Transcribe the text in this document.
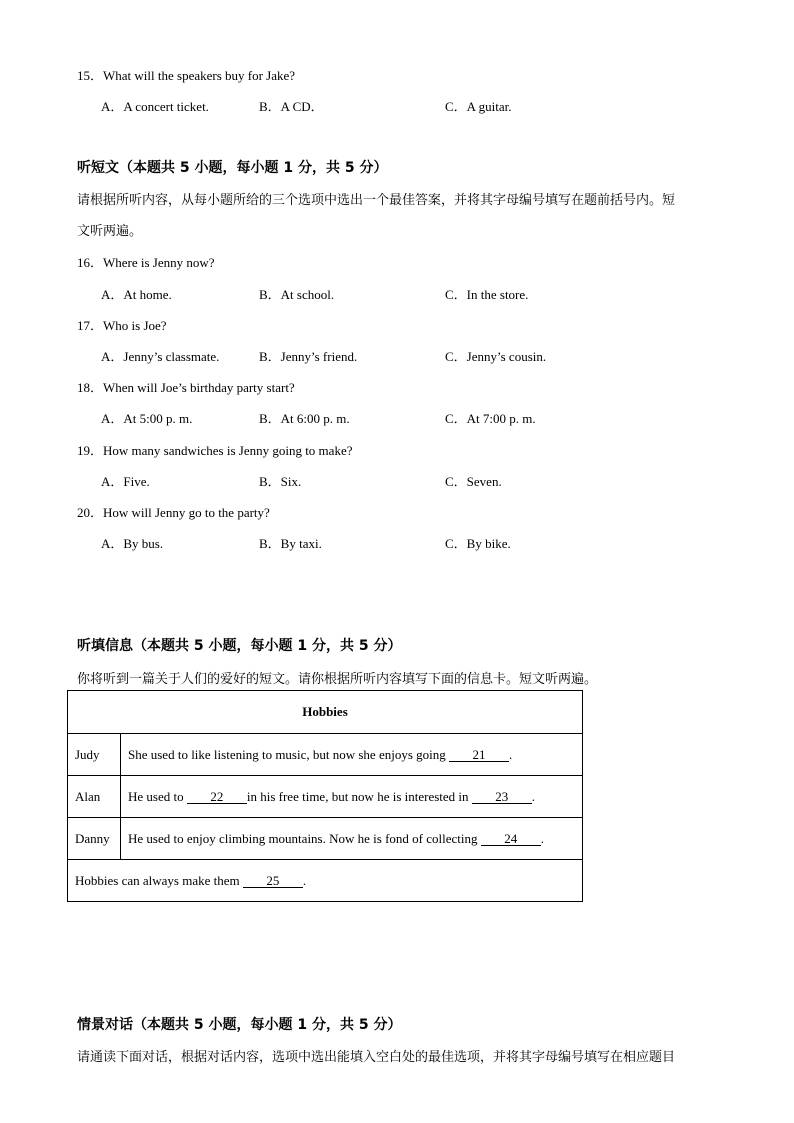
15．What will the speakers buy for Jake?
A．A concert ticket.	B．A CD．	C．A guitar.
听短文（本题共 5 小题，每小题 1 分，共 5 分）
请根据所听内容，从每小题所给的三个选项中选出一个最佳答案，并将其字母编号填写在题前括号内。短
文听两遍。
16．Where is Jenny now?
A．At home.	B．At school.	C．In the store.
17．Who is Joe?
A．Jenny’s classmate.	B．Jenny’s friend.	C．Jenny’s cousin.
18．When will Joe’s birthday party start?
A．At 5:00 p. m.	B．At 6:00 p. m.	C．At 7:00 p. m.
19．How many sandwiches is Jenny going to make?
A．Five.	B．Six.	C．Seven.
20．How will Jenny go to the party?
A．By bus.	B．By taxi.	C．By bike.
听填信息（本题共 5 小题，每小题 1 分，共 5 分）
你将听到一篇关于人们的爱好的短文。请你根据所听内容填写下面的信息卡。短文听两遍。
Hobbies	
Judy	She used to like listening to music, but now she enjoys going 21 .
Alan	He used to 22 in his free time, but now he is interested in 23 .
Danny	He used to enjoy climbing mountains. Now he is fond of collecting 24 .
Hobbies can always make them 25 .	
情景对话（本题共 5 小题，每小题 1 分，共 5 分）
请通读下面对话，根据对话内容，选项中选出能填入空白处的最佳选项，并将其字母编号填写在相应题目
